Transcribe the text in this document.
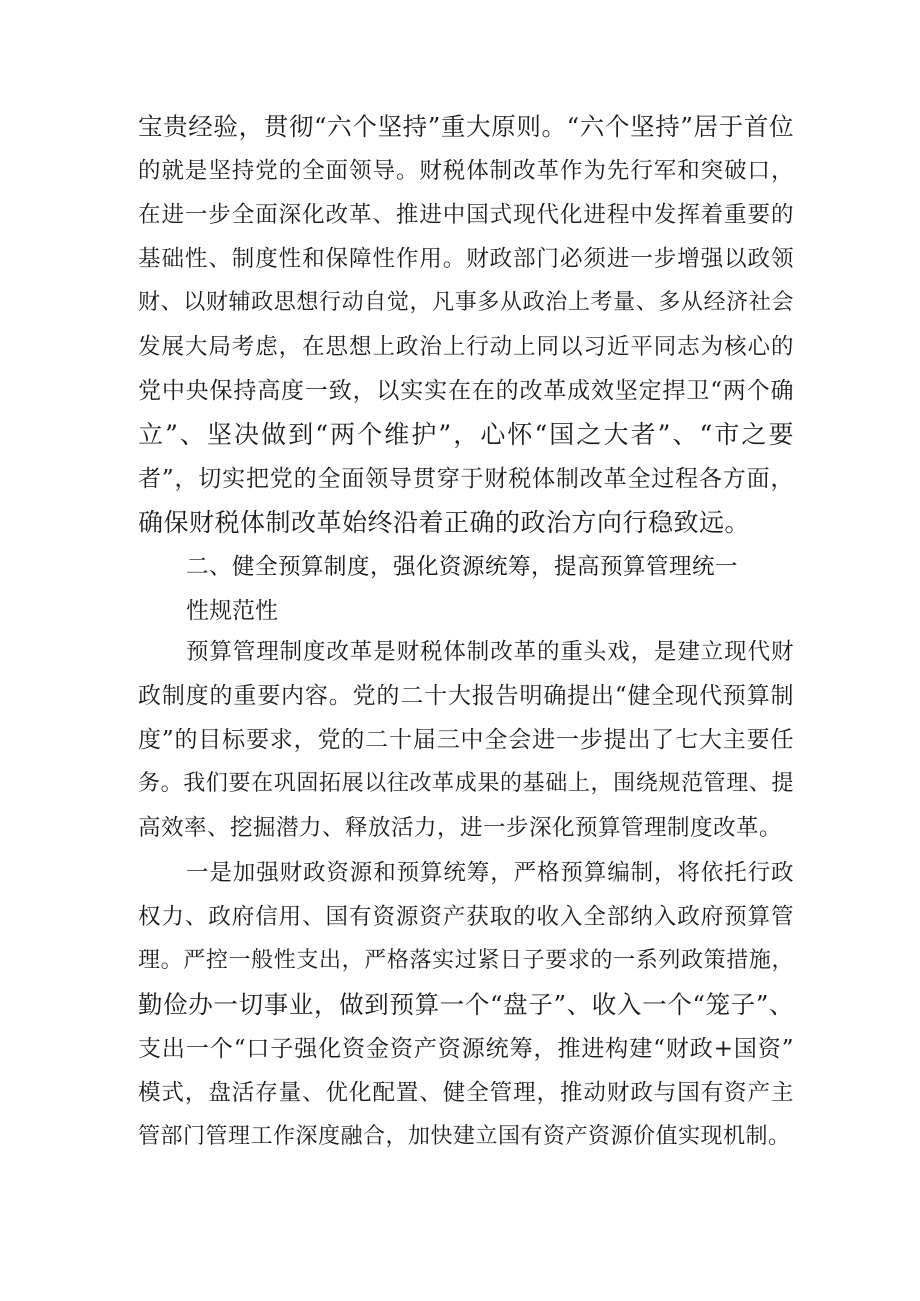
宝贵经验，贯彻“六个坚持”重大原则。“六个坚持”居于首位
的就是坚持党的全面领导。财税体制改革作为先行军和突破口，
在进一步全面深化改革、推进中国式现代化进程中发挥着重要的
基础性、制度性和保障性作用。财政部门必须进一步增强以政领
财、以财辅政思想行动自觉，凡事多从政治上考量、多从经济社会
发展大局考虑，在思想上政治上行动上同以习近平同志为核心的
党中央保持高度一致，以实实在在的改革成效坚定捍卫“两个确
立”、坚决做到“两个维护”，心怀“国之大者”、“市之要
者”，切实把党的全面领导贯穿于财税体制改革全过程各方面，
确保财税体制改革始终沿着正确的政治方向行稳致远。
二、健全预算制度，强化资源统筹，提高预算管理统一
性规范性
预算管理制度改革是财税体制改革的重头戏，是建立现代财
政制度的重要内容。党的二十大报告明确提出“健全现代预算制
度”的目标要求，党的二十届三中全会进一步提出了七大主要任
务。我们要在巩固拓展以往改革成果的基础上，围绕规范管理、提
高效率、挖掘潜力、释放活力，进一步深化预算管理制度改革。
一是加强财政资源和预算统筹，严格预算编制，将依托行政
权力、政府信用、国有资源资产获取的收入全部纳入政府预算管
理。严控一般性支出，严格落实过紧日子要求的一系列政策措施，
勤俭办一切事业，做到预算一个“盘子”、收入一个“笼子”、
支出一个“口子强化资金资产资源统筹，推进构建“财政+国资”
模式，盘活存量、优化配置、健全管理，推动财政与国有资产主
管部门管理工作深度融合，加快建立国有资产资源价值实现机制。
